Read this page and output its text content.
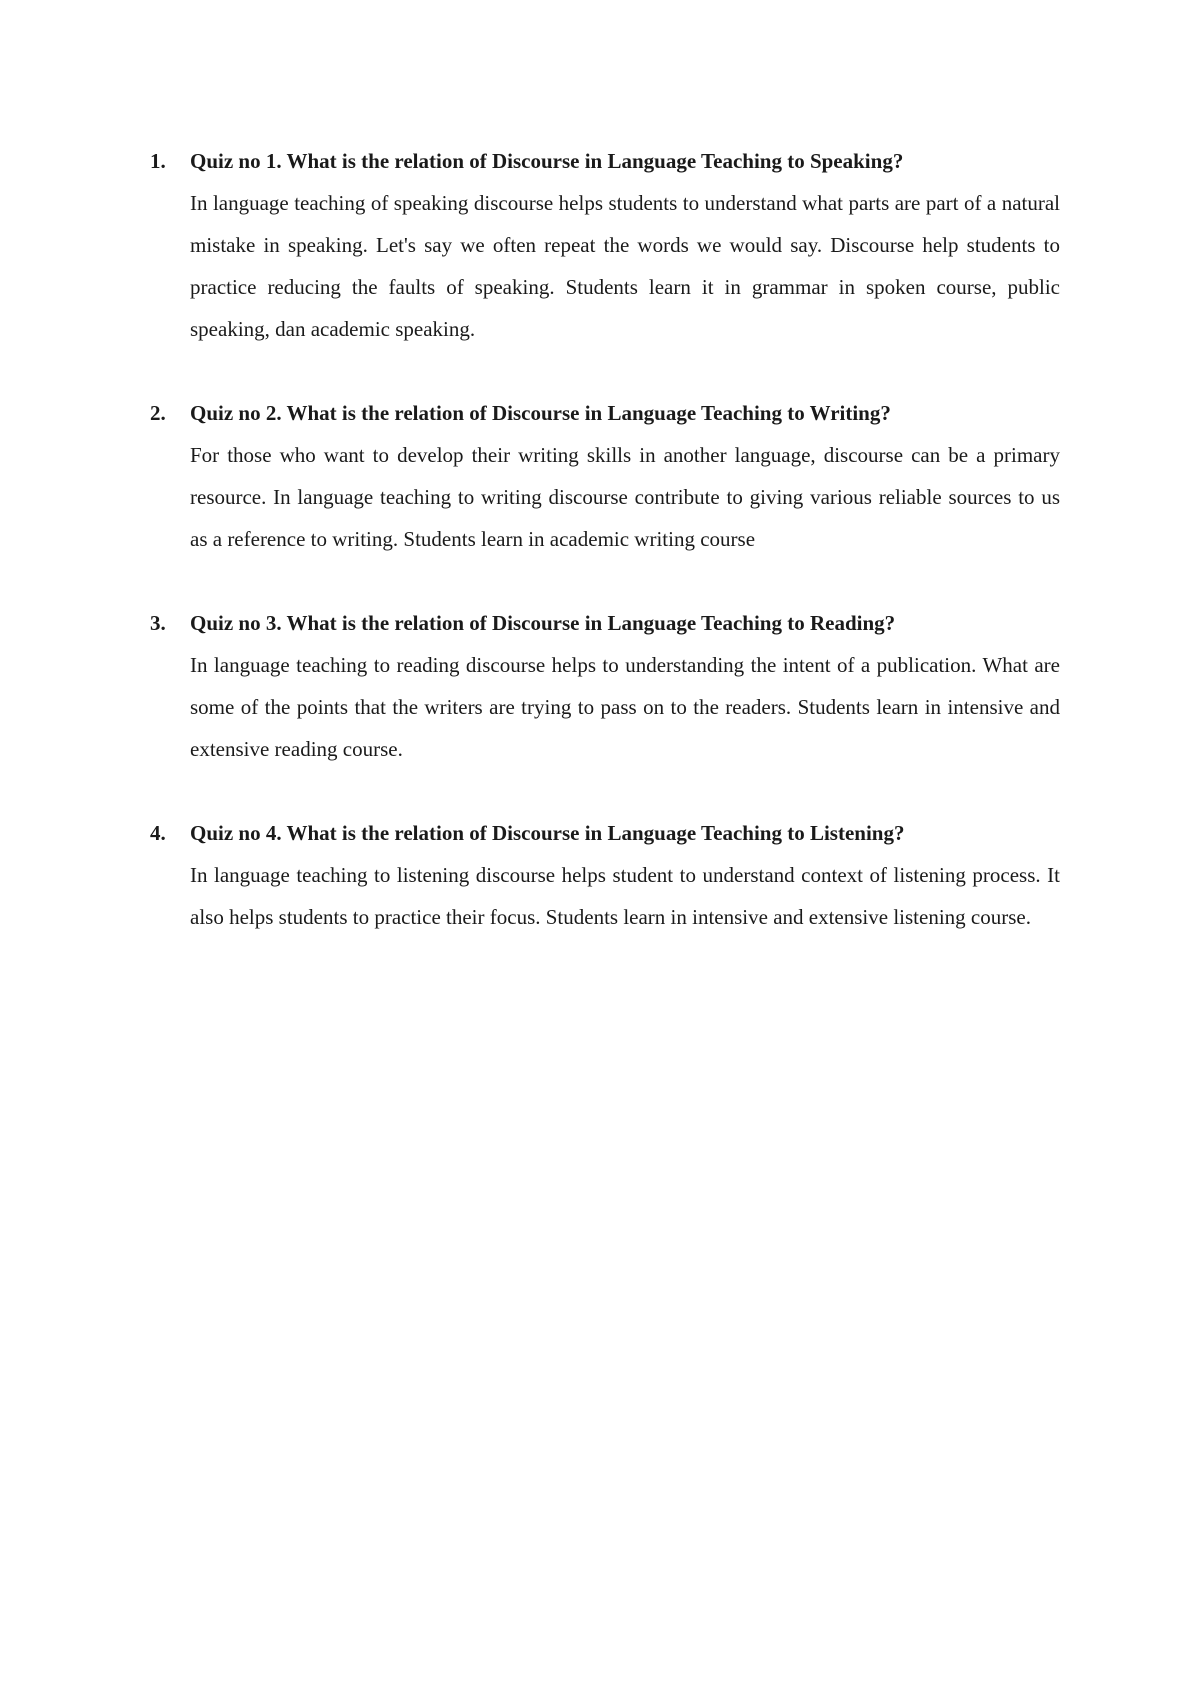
1. Quiz no 1. What is the relation of Discourse in Language Teaching to Speaking?

In language teaching of speaking discourse helps students to understand what parts are part of a natural mistake in speaking. Let's say we often repeat the words we would say. Discourse help students to practice reducing the faults of speaking. Students learn it in grammar in spoken course, public speaking, dan academic speaking.

2. Quiz no 2. What is the relation of Discourse in Language Teaching to Writing?

For those who want to develop their writing skills in another language, discourse can be a primary resource. In language teaching to writing discourse contribute to giving various reliable sources to us as a reference to writing. Students learn in academic writing course

3. Quiz no 3. What is the relation of Discourse in Language Teaching to Reading?

In language teaching to reading discourse helps to understanding the intent of a publication. What are some of the points that the writers are trying to pass on to the readers. Students learn in intensive and extensive reading course.

4. Quiz no 4. What is the relation of Discourse in Language Teaching to Listening?

In language teaching to listening discourse helps student to understand context of listening process. It also helps students to practice their focus. Students learn in intensive and extensive listening course.
